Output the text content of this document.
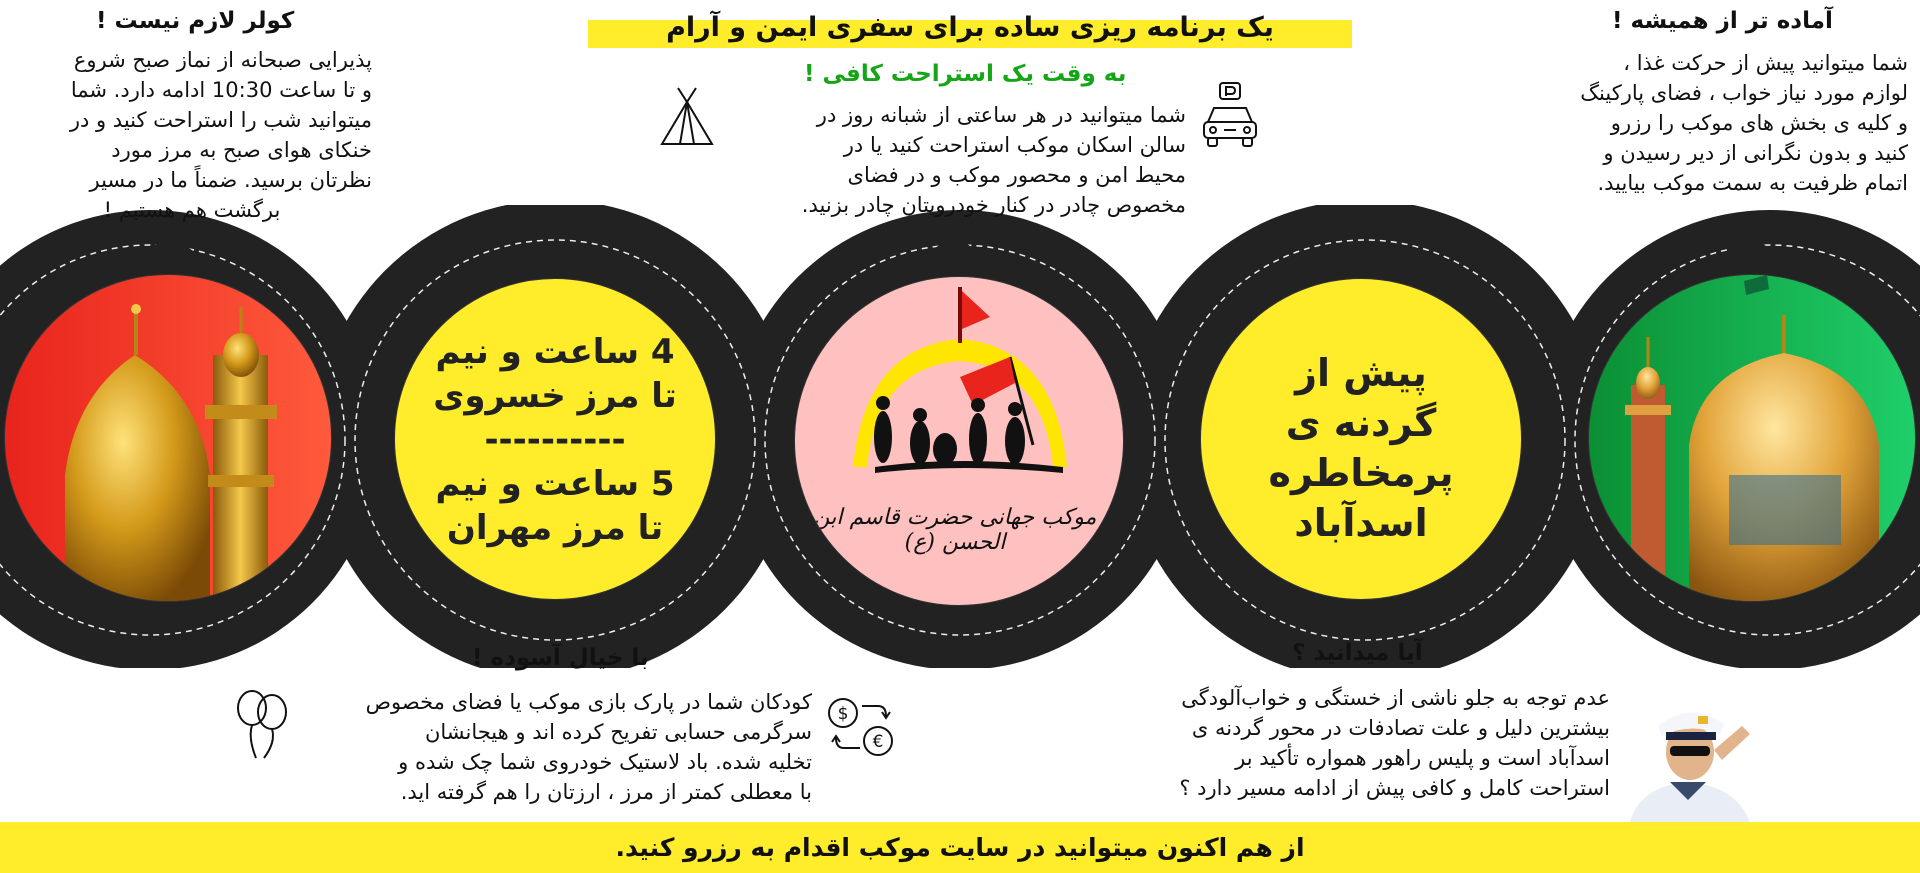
یک برنامه ریزی ساده برای سفری ایمن و آرام
کولر لازم نیست !
پذیرایی صبحانه از نماز صبح شروع
و تا ساعت 10:30 ادامه دارد. شما
میتوانید شب را استراحت کنید و در
خنکای هوای صبح به مرز مورد
نظرتان برسید. ضمناً ما در مسیر
برگشت هم هستیم !
به وقت یک استراحت کافی !
شما میتوانید در هر ساعتی از شبانه روز در
سالن اسکان موکب استراحت کنید یا در
محیط امن و محصور موکب و در فضای
مخصوص چادر در کنار خودرویتان چادر بزنید.
آماده تر از همیشه !
شما میتوانید پیش از حرکت غذا ،
لوازم مورد نیاز خواب ، فضای پارکینگ
و کلیه ی بخش های موکب را رزرو
کنید و بدون نگرانی از دیر رسیدن و
اتمام ظرفیت به سمت موکب بیایید.
4 ساعت و نیم
تا مرز خسروی
----------
5 ساعت و نیم
تا مرز مهران	موکب جهانی حضرت قاسم ابن الحسن (ع)
پیش از
گردنه ی پرمخاطره
اسدآباد
با خیال آسوده !
کودکان شما در پارک بازی موکب یا فضای مخصوص
سرگرمی حسابی تفریح کرده اند و هیجانشان
تخلیه شده. باد لاستیک خودروی شما چک شده و
با معطلی کمتر از مرز ، ارزتان را هم گرفته اید.
$
€
آیا میدانید ؟
عدم توجه به جلو ناشی از خستگی و خواب‌آلودگی
بیشترین دلیل و علت تصادفات در محور گردنه ی
اسدآباد است و پلیس راهور همواره تأکید بر
استراحت کامل و کافی پیش از ادامه مسیر دارد ؟
از هم اکنون میتوانید در سایت موکب اقدام به رزرو کنید.
